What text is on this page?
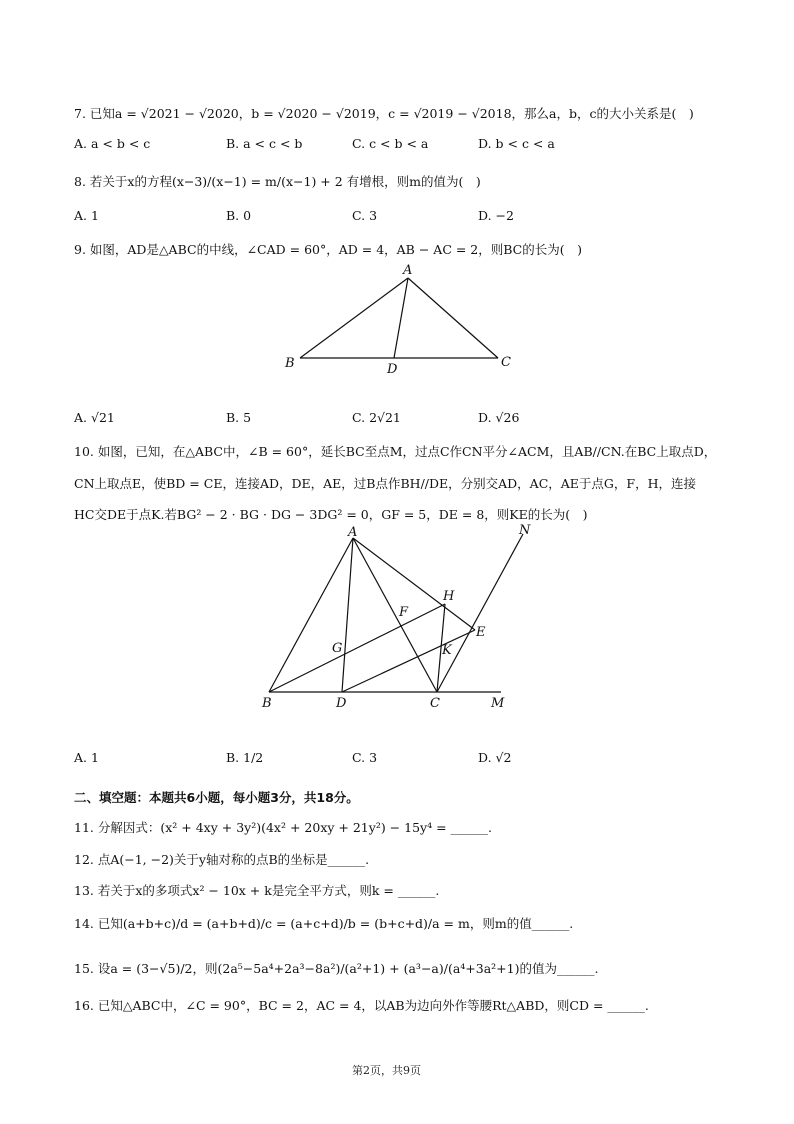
7. 已知a = √2021 − √2020，b = √2020 − √2019，c = √2019 − √2018，那么a，b，c的大小关系是(　)
A. a < b < c	B. a < c < b	C. c < b < a	D. b < c < a
8. 若关于x的方程(x−3)/(x−1) = m/(x−1) + 2 有增根，则m的值为(　)
A. 1	B. 0	C. 3	D. −2
9. 如图，AD是△ABC的中线，∠CAD = 60°，AD = 4，AB − AC = 2，则BC的长为(　)
A
B	D	C
A. √21	B. 5	C. 2√21	D. √26
10. 如图，已知，在△ABC中，∠B = 60°，延长BC至点M，过点C作CN平分∠ACM，且AB//CN.在BC上取点D，
CN上取点E，使BD = CE，连接AD，DE，AE，过B点作BH//DE，分别交AD，AC，AE于点G，F，H，连接
HC交DE于点K.若BG² − 2 · BG · DG − 3DG² = 0，GF = 5，DE = 8，则KE的长为(　)
A	N
H
F
E
G	K
B	D	C	M
A. 1	B. 1/2	C. 3	D. √2
二、填空题：本题共6小题，每小题3分，共18分。
11. 分解因式：(x² + 4xy + 3y²)(4x² + 20xy + 21y²) − 15y⁴ = ______.
12. 点A(−1, −2)关于y轴对称的点B的坐标是______.
13. 若关于x的多项式x² − 10x + k是完全平方式，则k = ______.
14. 已知(a+b+c)/d = (a+b+d)/c = (a+c+d)/b = (b+c+d)/a = m，则m的值______.
15. 设a = (3−√5)/2，则(2a⁵−5a⁴+2a³−8a²)/(a²+1) + (a³−a)/(a⁴+3a²+1)的值为______.
16. 已知△ABC中，∠C = 90°，BC = 2，AC = 4，以AB为边向外作等腰Rt△ABD，则CD = ______.
第2页，共9页
